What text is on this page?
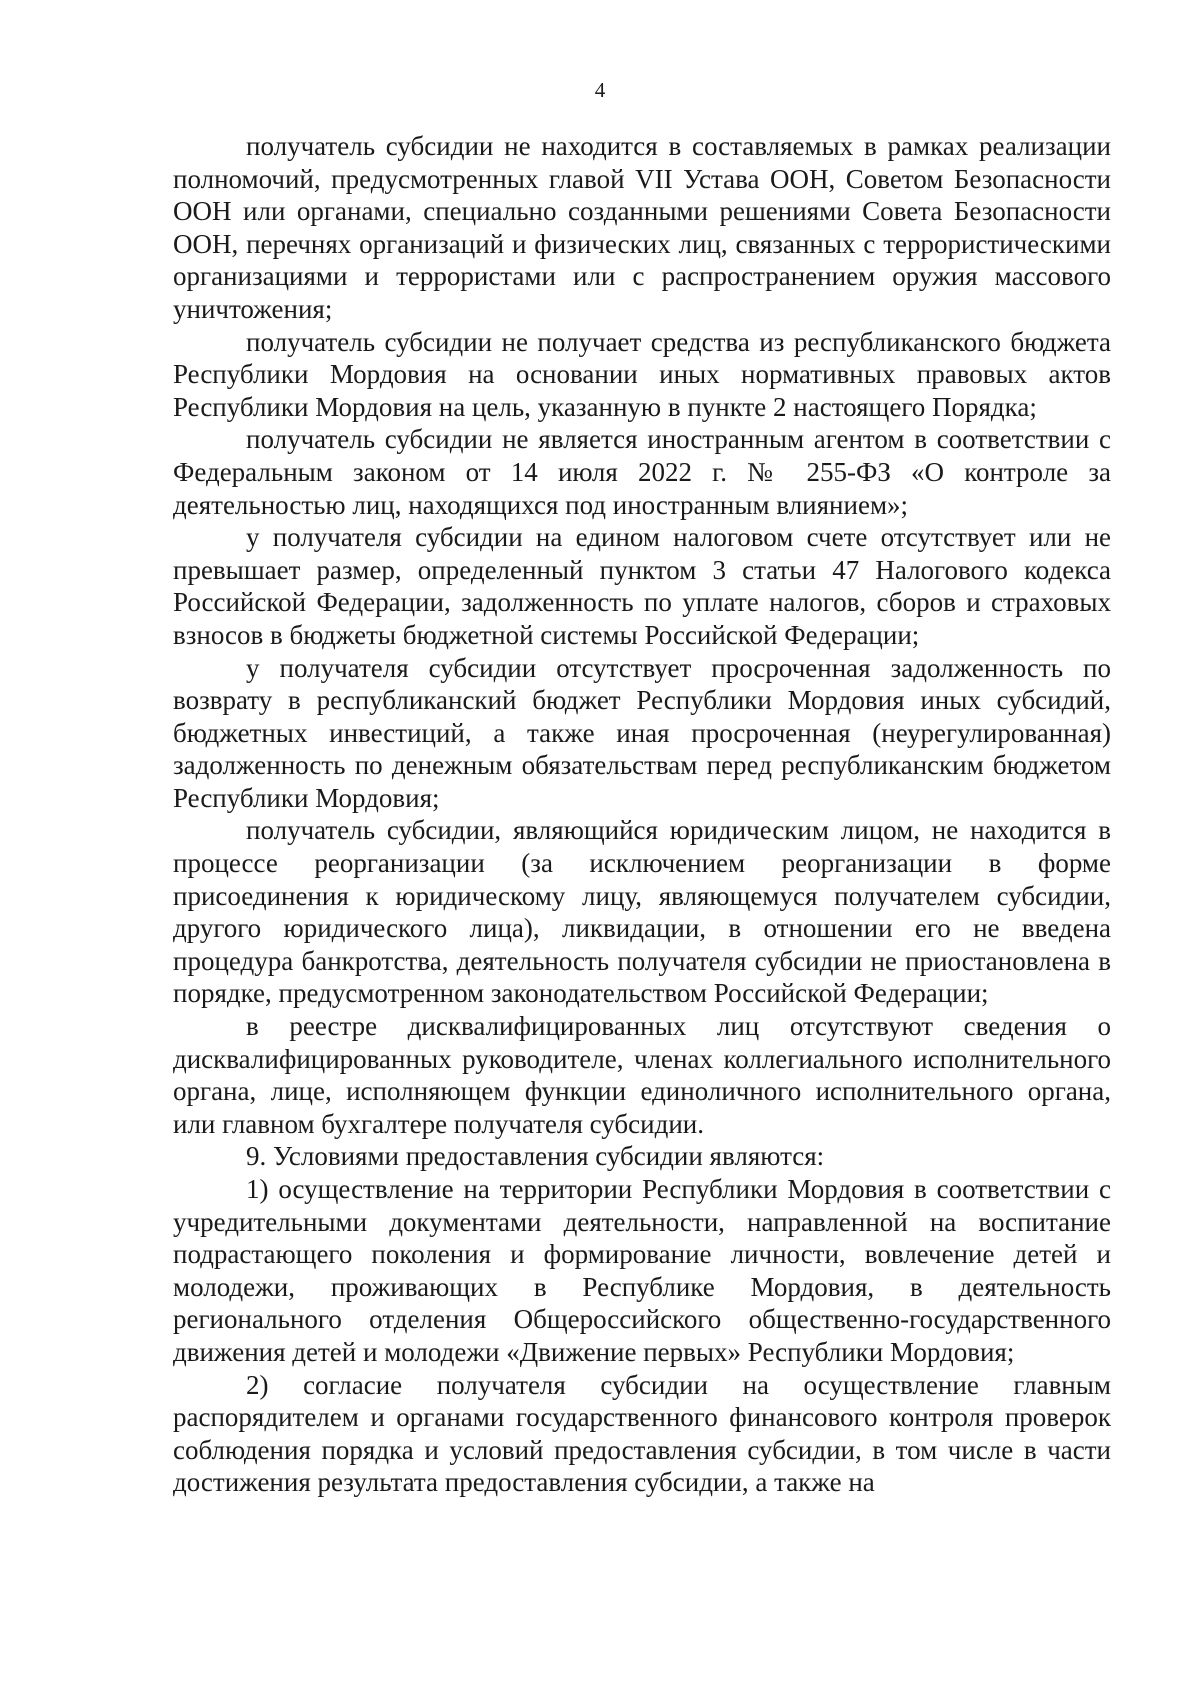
4

получатель субсидии не находится в составляемых в рамках реализации полномочий, предусмотренных главой VII Устава ООН, Советом Безопасности ООН или органами, специально созданными решениями Совета Безопасности ООН, перечнях организаций и физических лиц, связанных с террористическими организациями и террористами или с распространением оружия массового уничтожения;

получатель субсидии не получает средства из республиканского бюджета Республики Мордовия на основании иных нормативных правовых актов Республики Мордовия на цель, указанную в пункте 2 настоящего Порядка;

получатель субсидии не является иностранным агентом в соответствии с Федеральным законом от 14 июля 2022 г. № 255-ФЗ «О контроле за деятельностью лиц, находящихся под иностранным влиянием»;

у получателя субсидии на едином налоговом счете отсутствует или не превышает размер, определенный пунктом 3 статьи 47 Налогового кодекса Российской Федерации, задолженность по уплате налогов, сборов и страховых взносов в бюджеты бюджетной системы Российской Федерации;

у получателя субсидии отсутствует просроченная задолженность по возврату в республиканский бюджет Республики Мордовия иных субсидий, бюджетных инвестиций, а также иная просроченная (неурегулированная) задолженность по денежным обязательствам перед республиканским бюджетом Республики Мордовия;

получатель субсидии, являющийся юридическим лицом, не находится в процессе реорганизации (за исключением реорганизации в форме присоединения к юридическому лицу, являющемуся получателем субсидии, другого юридического лица), ликвидации, в отношении его не введена процедура банкротства, деятельность получателя субсидии не приостановлена в порядке, предусмотренном законодательством Российской Федерации;

в реестре дисквалифицированных лиц отсутствуют сведения о дисквалифицированных руководителе, членах коллегиального исполнительного органа, лице, исполняющем функции единоличного исполнительного органа, или главном бухгалтере получателя субсидии.

9. Условиями предоставления субсидии являются:

1) осуществление на территории Республики Мордовия в соответствии с учредительными документами деятельности, направленной на воспитание подрастающего поколения и формирование личности, вовлечение детей и молодежи, проживающих в Республике Мордовия, в деятельность регионального отделения Общероссийского общественно-государственного движения детей и молодежи «Движение первых» Республики Мордовия;

2) согласие получателя субсидии на осуществление главным распорядителем и органами государственного финансового контроля проверок соблюдения порядка и условий предоставления субсидии, в том числе в части достижения результата предоставления субсидии, а также на
